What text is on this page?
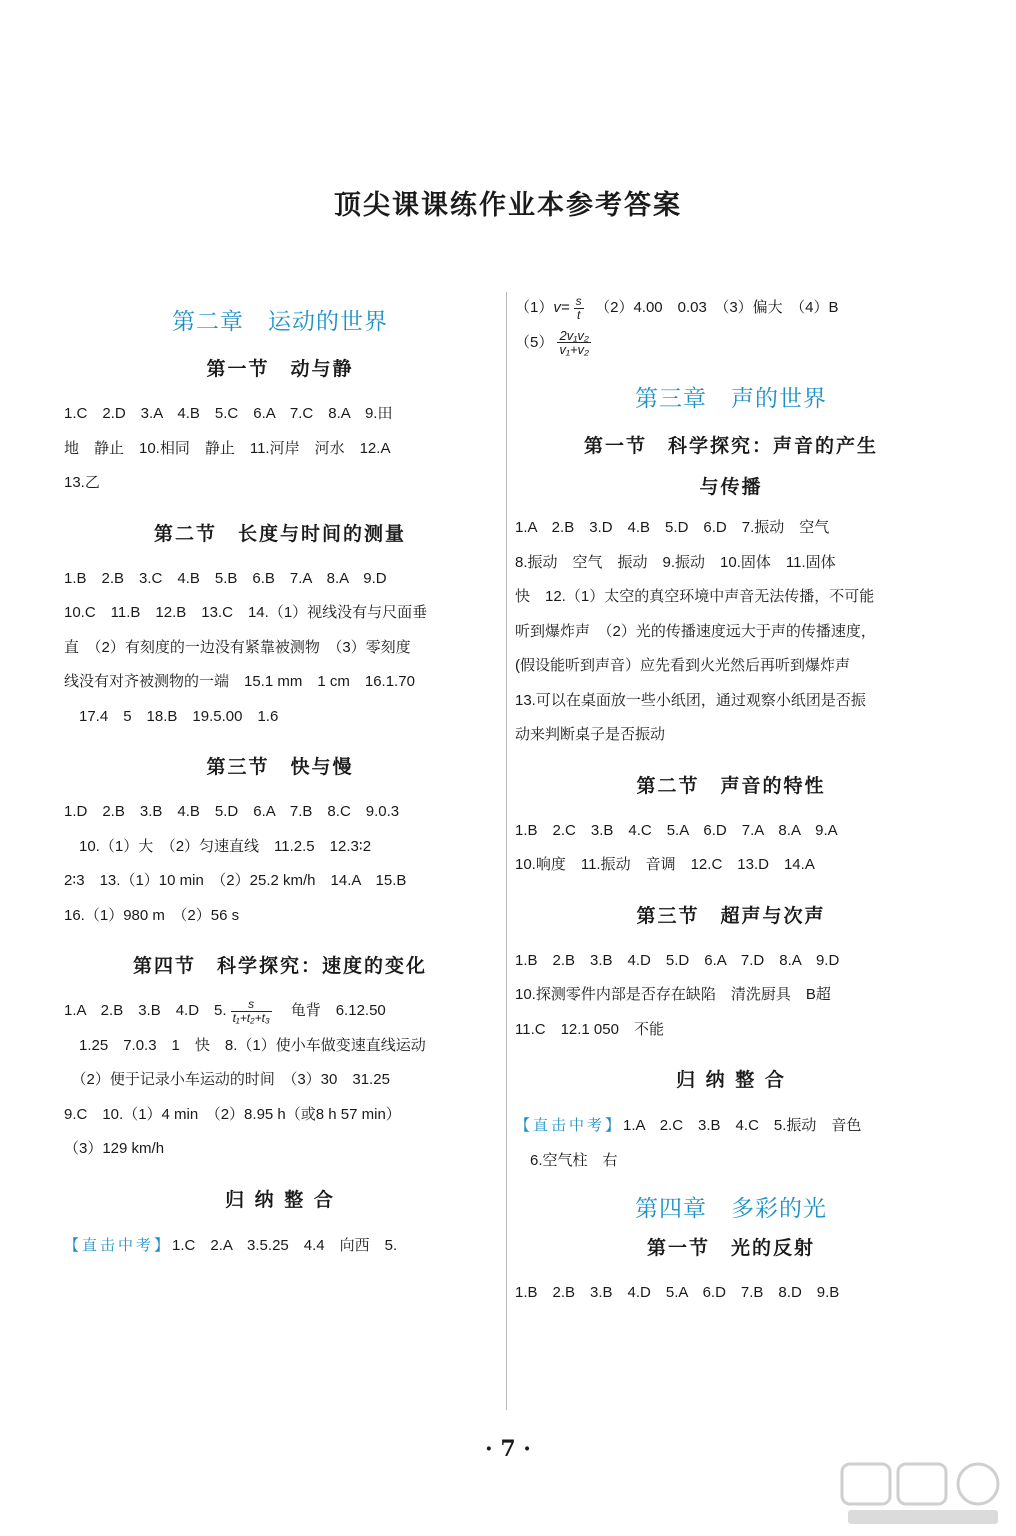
顶尖课课练作业本参考答案
第二章　运动的世界
第一节　动与静
1.C　2.D　3.A　4.B　5.C　6.A　7.C　8.A　9.田
地　静止　10.相同　静止　11.河岸　河水　12.A
13.乙
第二节　长度与时间的测量
1.B　2.B　3.C　4.B　5.B　6.B　7.A　8.A　9.D
10.C　11.B　12.B　13.C　14.（1）视线没有与尺面垂
直　（2）有刻度的一边没有紧靠被测物　（3）零刻度
线没有对齐被测物的一端　15.1 mm　1 cm　16.1.70
　17.4　5　18.B　19.5.00　1.6
第三节　快与慢
1.D　2.B　3.B　4.B　5.D　6.A　7.B　8.C　9.0.3
　10.（1）大　（2）匀速直线　11.2.5　12.3∶2
2∶3　13.（1）10 min　（2）25.2 km/h　14.A　15.B
16.（1）980 m　（2）56 s
第四节　科学探究：速度的变化
1.A　2.B　3.B　4.D　5. $\frac{s}{\text{t₁+t₂+t₃}}$ 　龟背　6.12.50
　1.25　7.0.3　1　快　8.（1）使小车做变速直线运动
　（2）便于记录小车运动的时间　（3）30　31.25
9.C　10.（1）4 min　（2）8.95 h（或8 h 57 min）
（3）129 km/h
归 纳 整 合
【直击中考】1.C　2.A　3.5.25　4.4　向西　5.
$(1)v= \frac{s}{t}$ 　（2）4.00　0.03　（3）偏大　（4）B
$(5) \frac{\text{2v₁v₂}}{\text{v₁+v₂}}$
第三章　声的世界
第一节　科学探究：声音的产生
与传播
1.A　2.B　3.D　4.B　5.D　6.D　7.振动　空气
8.振动　空气　振动　9.振动　10.固体　11.固体
快　12.（1）太空的真空环境中声音无法传播，不可能
听到爆炸声　（2）光的传播速度远大于声的传播速度，
(假设能听到声音）应先看到火光然后再听到爆炸声
13.可以在桌面放一些小纸团，通过观察小纸团是否振
动来判断桌子是否振动
第二节　声音的特性
1.B　2.C　3.B　4.C　5.A　6.D　7.A　8.A　9.A
10.响度　11.振动　音调　12.C　13.D　14.A
第三节　超声与次声
1.B　2.B　3.B　4.D　5.D　6.A　7.D　8.A　9.D
10.探测零件内部是否存在缺陷　清洗厨具　B超
11.C　12.1 050　不能
归 纳 整 合
【直击中考】1.A　2.C　3.B　4.C　5.振动　音色
　6.空气柱　右
第四章　多彩的光
第一节　光的反射
1.B　2.B　3.B　4.D　5.A　6.D　7.B　8.D　9.B
· 7 ·
